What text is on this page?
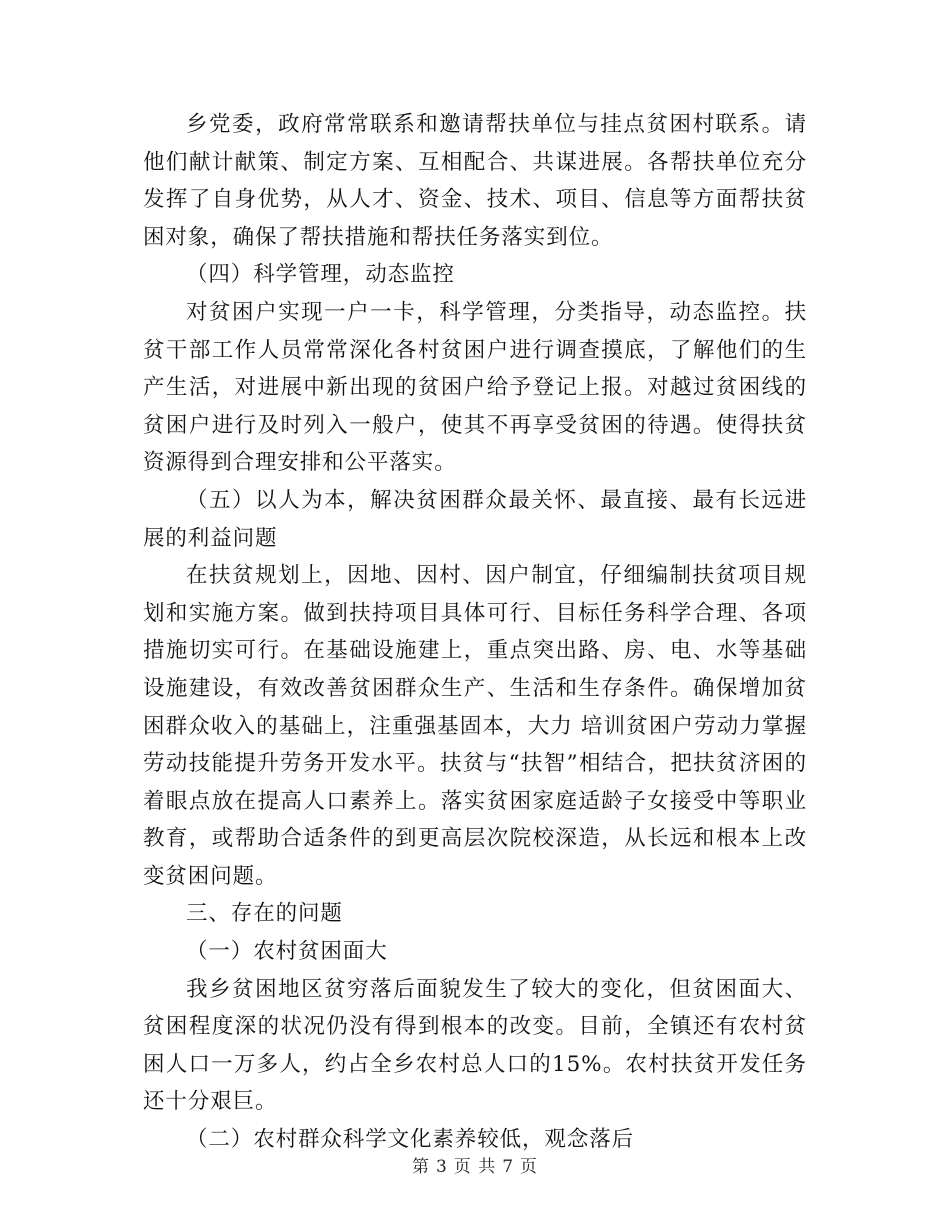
乡党委，政府常常联系和邀请帮扶单位与挂点贫困村联系。请他们献计献策、制定方案、互相配合、共谋进展。各帮扶单位充分发挥了自身优势，从人才、资金、技术、项目、信息等方面帮扶贫困对象，确保了帮扶措施和帮扶任务落实到位。

（四）科学管理，动态监控

对贫困户实现一户一卡，科学管理，分类指导，动态监控。扶贫干部工作人员常常深化各村贫困户进行调查摸底，了解他们的生产生活，对进展中新出现的贫困户给予登记上报。对越过贫困线的贫困户进行及时列入一般户，使其不再享受贫困的待遇。使得扶贫资源得到合理安排和公平落实。

（五）以人为本，解决贫困群众最关怀、最直接、最有长远进展的利益问题

在扶贫规划上，因地、因村、因户制宜，仔细编制扶贫项目规划和实施方案。做到扶持项目具体可行、目标任务科学合理、各项措施切实可行。在基础设施建上，重点突出路、房、电、水等基础设施建设，有效改善贫困群众生产、生活和生存条件。确保增加贫困群众收入的基础上，注重强基固本，大力 培训贫困户劳动力掌握劳动技能提升劳务开发水平。扶贫与“扶智”相结合，把扶贫济困的着眼点放在提高人口素养上。落实贫困家庭适龄子女接受中等职业教育，或帮助合适条件的到更高层次院校深造，从长远和根本上改变贫困问题。

三、存在的问题

（一）农村贫困面大

我乡贫困地区贫穷落后面貌发生了较大的变化，但贫困面大、贫困程度深的状况仍没有得到根本的改变。目前，全镇还有农村贫困人口一万多人，约占全乡农村总人口的15%。农村扶贫开发任务还十分艰巨。

（二）农村群众科学文化素养较低，观念落后

第 3 页 共 7 页
